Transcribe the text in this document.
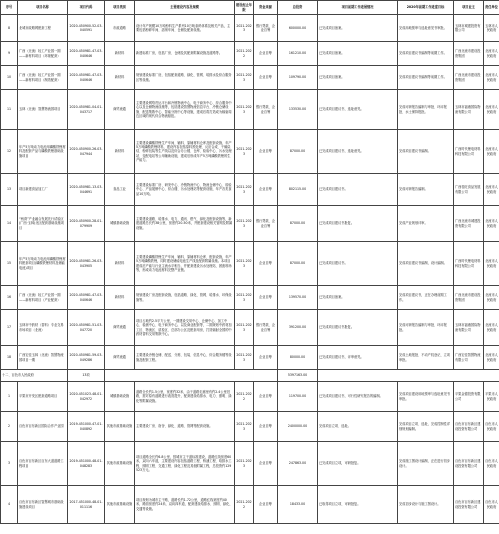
序号	项目名称	项目代码	项目类别	主要建设内容及规模	建设起止年限	资金来源	总投资	项目前期工作进展情况	2020年前期工作进度目标	项目业主	责任单位
8	北城市政路网配套工程	2020-450900-52-03-040591	市政道路	设计年产规模10万吨粉料生产系列10万吨条码体系及相关产品，主要包括粉碎车间、溶剂车间、仓储及配套设施。	2021-2023	银行贷款、企业自筹	600000.00	已完成项目备案。	完成用地预审与选址意见书审批。	玉林市城建投资有限公司	玉林市人民政府
9	广西（北流）轻工产业园一期——新材料项目（环境配套）	2020-450981-47-03-040646	新材料	新建标准厂房，包括厂房、仓储及其配套附属设施及道路等。	2021-2022	企业自筹	161210.00	已完成项目备案。	完成项目建议书编制等前期工作。	广西北流市建设投资集团	北流市人民政府
10	广西（北流）轻工产业园一期——新材料项目（制造配套）	2020-450981-47-03-040646	新材料	规划建设标准厂房，包括配套道路、绿化、管网、给排水及综合服务区等设施。	2021-2023	企业自筹	109790.00	已完成项目备案。	完成项目建议书编制等前期工作。	广西北流市建设投资集团	北流市人民政府
11	玉林（北流）智慧物流园项目	2020-450981-04-01-043717	商贸流通	主要建设网络货运平台和冷链物流中心，电子商务中心、综合服务中心以及仓储物流设施等，包括建设智慧物流信息平台、冷链仓储设施、配送集散中心、智能分拣中心等设施，建成后将打造成为辐射周边区域的现代综合物流枢纽。	2021-2023	银行贷款、企业自筹	133530.00	已完成项目建议书，选址意见。	完成可研报告编制与审批、环评报批、水土保持报批。	玉林市福港国际物流有限公司	北流市人民政府
12	年产5万吨动力电池用磷酸铁锂材料及配套产品与磷酸铁锂基础设施项目	2020-450900-26-03-047944	新材料	主要建设磷酸铁锂生产车间、辅料、原辅材料仓库及配套设施，年产5万吨磷酸铁锂材料，建设内容包括原料预处理、反应合成、干燥烧结、粉碎包装等生产线以及综合办公楼、仓库、检验中心、污水处理站、变配电站等公用辅助设施，建成后形成年产5万吨磷酸铁锂的生产能力。	2021-2023	企业自筹	87000.00	已完成项目建议书，选址意见。	完成项目建议书编制。	广西时代锂电材料科技有限公司	北流市人民政府
13	项目新建食品加工厂	2020-450981-13-03-044691	食品工业	主要建设标准厂房、研发中心、冷链物流中心、物流仓储中心、检验中心、产品展销中心、综合楼、污水处理站等配套设施，年产各类食品10万吨。	2021-2023	企业自筹	802115.00	已完成项目建议书。	完成可研报告编制。	广西桂旺食品发展有限公司	北流市人民政府
14	“两湾”产业融合发展先行试验区(广西·玉林)北区配套基础设施项目	2020-450900-28-01-079909	城镇基础设施	主要建设道路、给排水、电力、通讯、燃气、绿化及配套设施等，新建道路总长约38公里，宽度约20-50米，并配套建设相关管网及附属设施。	2021-2023	银行贷款、企业自筹	87000.00	已完成项目建议书批复。	完成产业规划评审。	广西北流市城建投资有限公司	北流市人民政府
15	年产5万吨动力电池用磷酸铁锂材料配套项目(磷酸铁锂材料及储能电池)项目	2020-450981-26-03-043905	新材料	主要建设磷酸铁锂生产车间、辅料、原辅材料仓库、配套设施，年产5万吨磷酸铁锂，同时建设储能电池生产线及配套附属设施。本项目建成后产能与行业主流水平相当，并配套建设污水处理站、固废堆场等，形成动力电池材料完整产业链。	2021-2023	企业自筹	87000.00	已完成项目建议书。	完成项目建议书编制，设计编制。	广西时代锂电材料科技有限公司	北流市人民政府
16	广西（北流）轻工产业园一期——新材料项目（产业配套）	2020-450981-47-03-040646	新材料	规划建设厂房及配套设施，包括道路、绿化、管网、给排水、环保设施等。	2021-2023	企业自筹	139570.00	已完成项目备案。	完成项目建议书，正在办理前期工作。	广西北流市建设投资集团	北流市人民政府
17	玉林市中药材（香料）专业交易市场项目（北流）	2020-450981-51-03-047720	商贸流通	项目占地约2.5平方公里，一期建设交易中心、仓储中心、加工中心、检测中心、电子商务中心，以及商业配套等，二期规划中药材加工区、物流区、质检区、总部办公区及配套用房，打造辐射全国的中药材香料交易集散中心。	2021-2023	银行贷款、企业自筹	391200.00	已完成项目建议书批复。	完成可研报告编制与审批、环评报批。	玉林市福港国际物流有限公司	北流市人民政府
18	广西宏佳玉林（北流）智慧物流园项目一期	2020-450981-59-03-049286	商贸流通	主要建设冷链仓储、配送、分拣、包装、信息中心、综合服务楼等设施及配套工程。	2021-2023	企业自筹	80000.00	已完成项目建议书，评审意见。	完成土地报批、不动产权登记、立项审批。	广西宏佳智慧物流有限公司	北流市人民政府
十二、百色市人民政府		13项					5397163.00				
1	平果市开发区配套道路项目	2020-451023-48-01-042972	城镇基础设施	道路全长约1.5公里，宽度约32米，由于道路走廊里有约2.4公里旧路，需对原有道路进行改造提升，配套建设给排水、电力、照明、绿化等附属设施。	2021-2022	企业自筹	119700.00	已完成项目建议书，可行性研究报告的编制。	完成项目建设用地预审与选址意见书审批。	平果金德投资有限公司	平果市人民政府
2	百色市百东新区国际合作产业园	2019-451000-47-01-040892	其他市政基础设施	主要建设厂房、宿舍、绿化、道路、管网等配套设施。	2021-2023	企业自筹	2400000.00	完成项目立项、选址。	完成项目立项、选址，完成控制性详细规划编制。	百色市百东新区建设投资有限公司	百色市人民政府
3	百色市百东新区百东大道道路工程项目	2019-451000-48-01-048283	其他市政基础设施	项目道路全长约6.8公里，按城市主干道标准建设，道路红线宽度60米，双向六车道，主要建设内容包括道路工程、桥涵工程、给排水工程、照明工程、交通工程、绿化工程及其他附属工程，总投资约129523万元。	2021-2023	企业自筹	247863.00	已完成项目立项，可研批复。	完成施工图设计编制，正在进行初步设计。	百色市百东新区建设投资有限公司	百色市人民政府
4	百色市百东新区智慧城市基础设施建设项目	2017-451000-48-01-011116	其他市政基础设施	项目规划为城市主干路，道路长约1.72公里，道路红线宽度约40米，路面宽度约24米，双向四车道，配套建设给排水、照明、绿化、交通等设施。	2021-2022	企业自筹	18433.00	已取得项目立项、可研批复。	完成初步设计与施工图设计。	百色市百东新区建设投资有限公司	百色市人民政府
